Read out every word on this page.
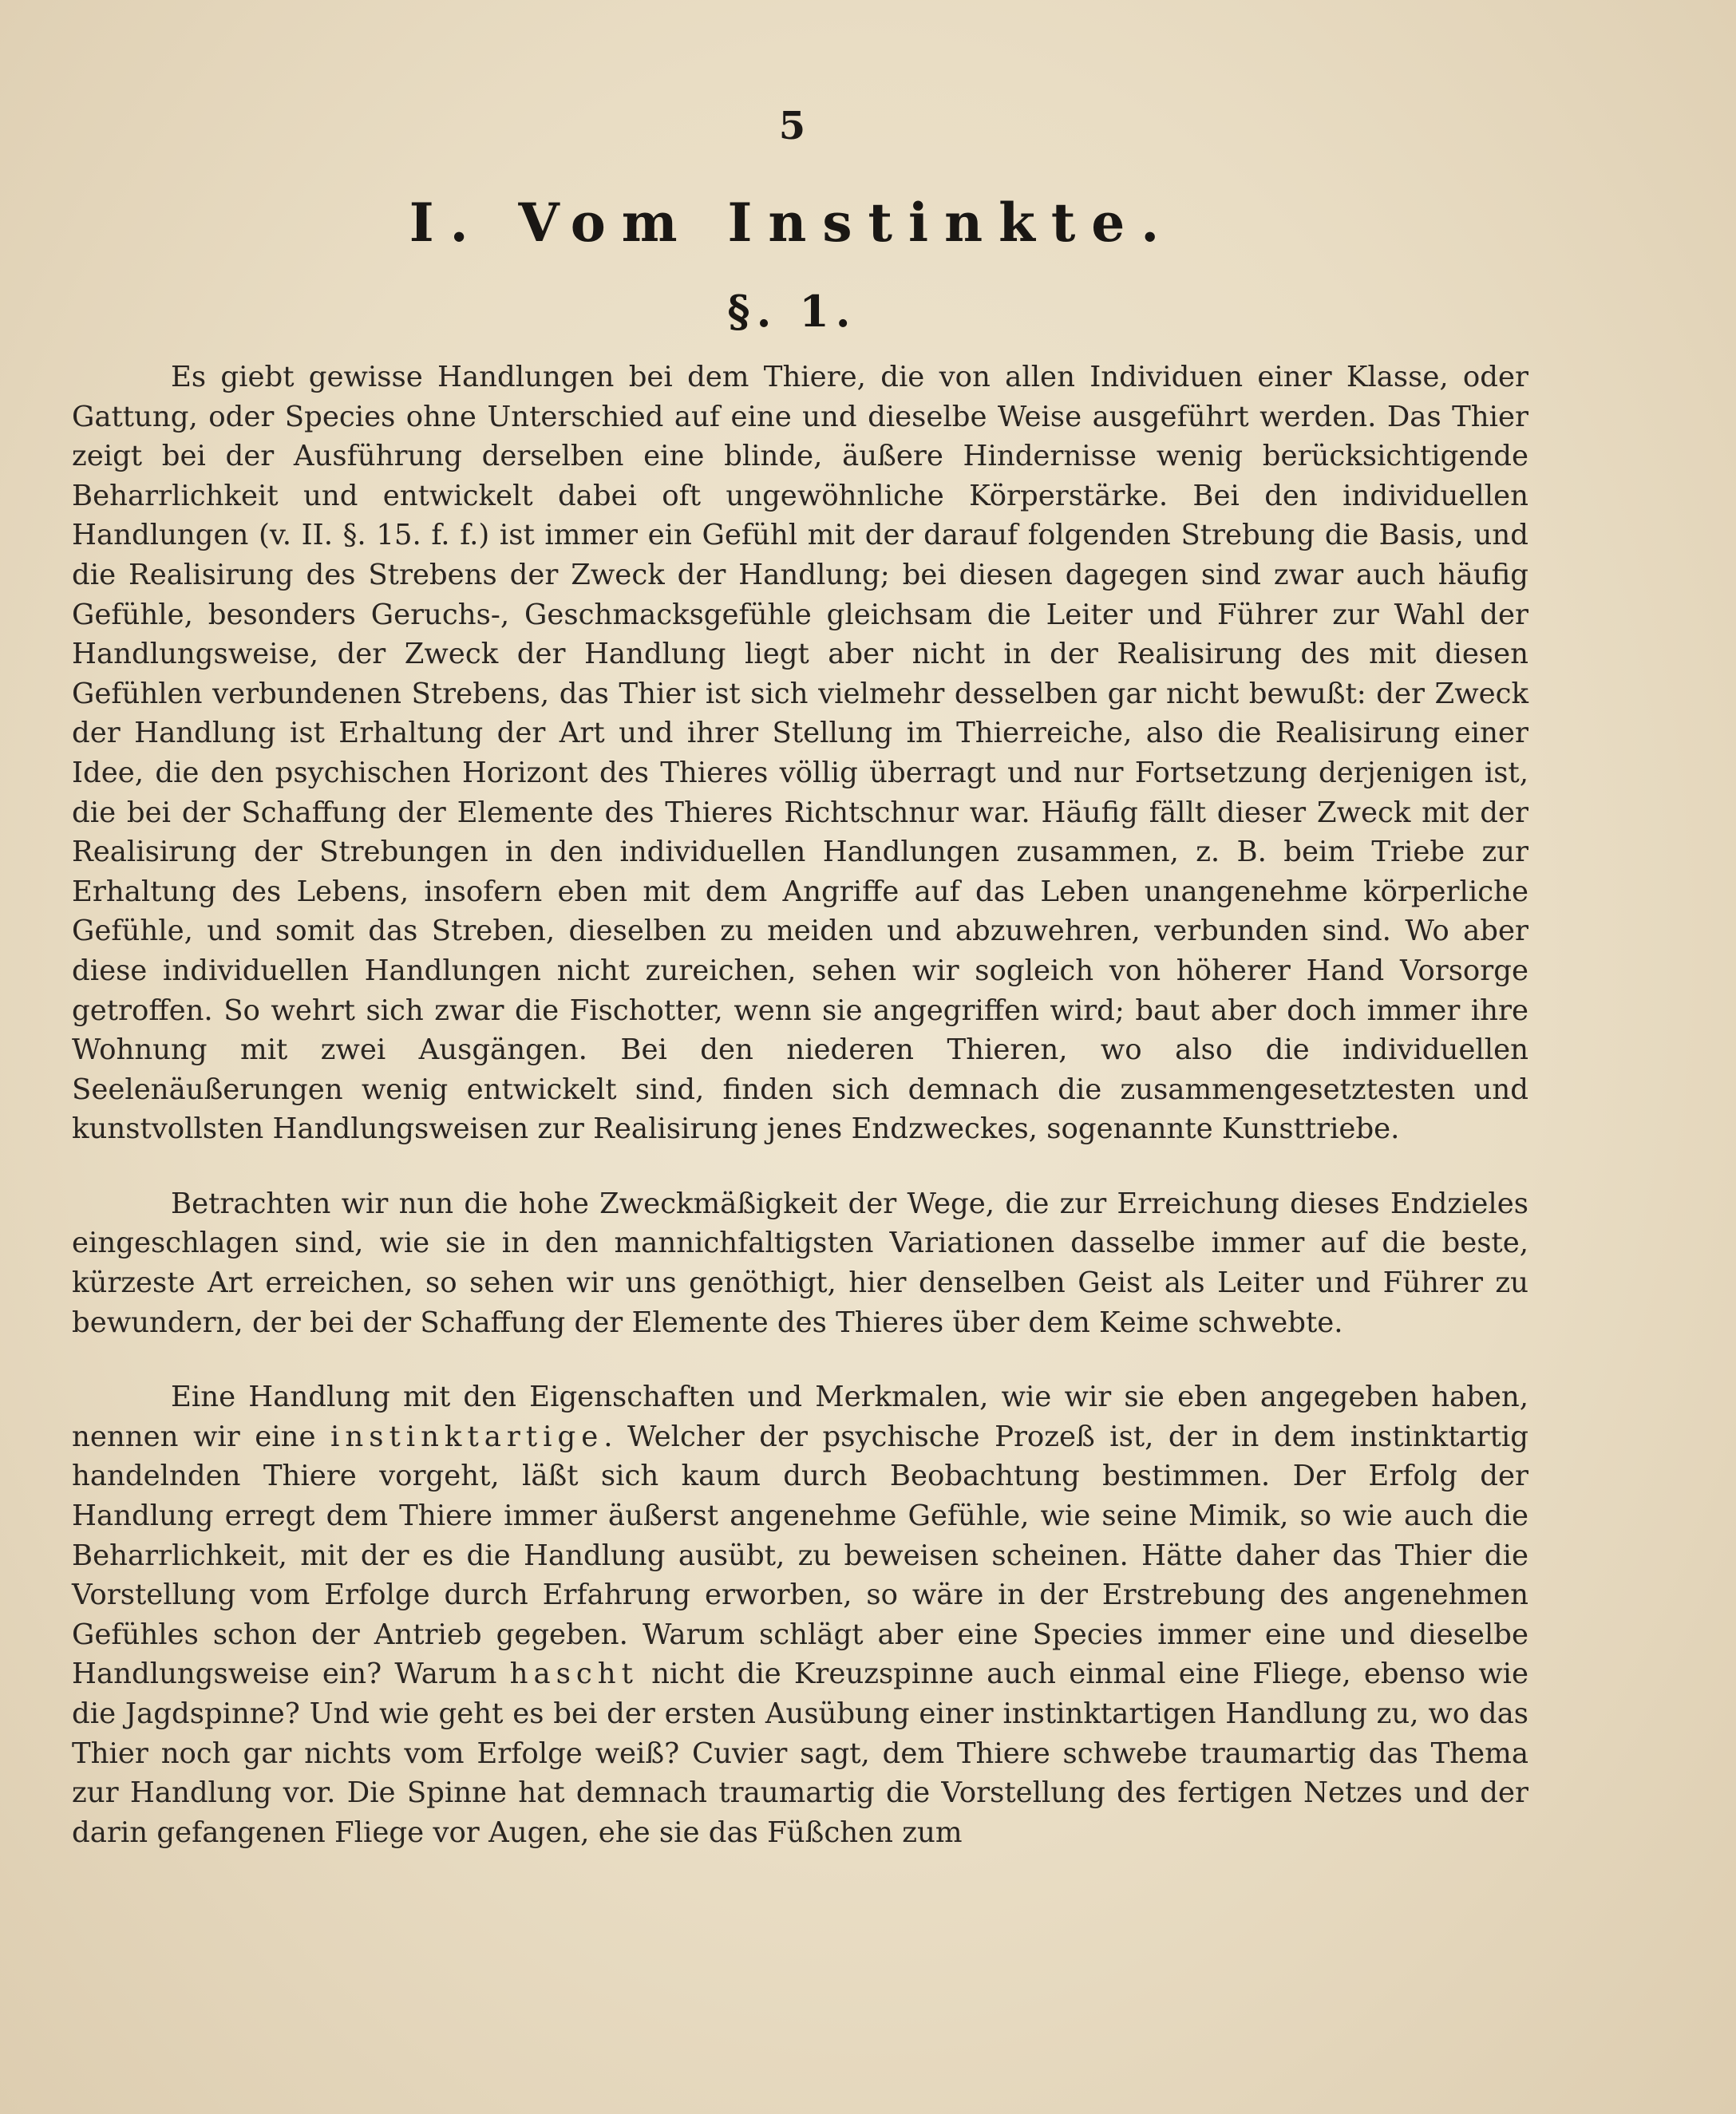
5
I. Vom Instinkte.
§. 1.

Es giebt gewisse Handlungen bei dem Thiere, die von allen Individuen einer Klasse, oder Gattung, oder Species ohne Unterschied auf eine und dieselbe Weise ausgeführt werden. Das Thier zeigt bei der Ausführung derselben eine blinde, äußere Hindernisse wenig berücksichtigende Beharrlichkeit und entwickelt dabei oft ungewöhnliche Körperstärke. Bei den individuellen Handlungen (v. II. §. 15. f. f.) ist immer ein Gefühl mit der darauf folgenden Strebung die Basis, und die Realisirung des Strebens der Zweck der Handlung; bei diesen dagegen sind zwar auch häufig Gefühle, besonders Geruchs-, Geschmacksgefühle gleichsam die Leiter und Führer zur Wahl der Handlungsweise, der Zweck der Handlung liegt aber nicht in der Realisirung des mit diesen Gefühlen verbundenen Strebens, das Thier ist sich vielmehr desselben gar nicht bewußt: der Zweck der Handlung ist Erhaltung der Art und ihrer Stellung im Thierreiche, also die Realisirung einer Idee, die den psychischen Horizont des Thieres völlig überragt und nur Fortsetzung derjenigen ist, die bei der Schaffung der Elemente des Thieres Richtschnur war. Häufig fällt dieser Zweck mit der Realisirung der Strebungen in den individuellen Handlungen zusammen, z. B. beim Triebe zur Erhaltung des Lebens, insofern eben mit dem Angriffe auf das Leben unangenehme körperliche Gefühle, und somit das Streben, dieselben zu meiden und abzuwehren, verbunden sind. Wo aber diese individuellen Handlungen nicht zureichen, sehen wir sogleich von höherer Hand Vorsorge getroffen. So wehrt sich zwar die Fischotter, wenn sie angegriffen wird; baut aber doch immer ihre Wohnung mit zwei Ausgängen. Bei den niederen Thieren, wo also die individuellen Seelenäußerungen wenig entwickelt sind, finden sich demnach die zusammengesetztesten und kunstvollsten Handlungsweisen zur Realisirung jenes Endzweckes, sogenannte Kunsttriebe.

Betrachten wir nun die hohe Zweckmäßigkeit der Wege, die zur Erreichung dieses Endzieles eingeschlagen sind, wie sie in den mannichfaltigsten Variationen dasselbe immer auf die beste, kürzeste Art erreichen, so sehen wir uns genöthigt, hier denselben Geist als Leiter und Führer zu bewundern, der bei der Schaffung der Elemente des Thieres über dem Keime schwebte.

Eine Handlung mit den Eigenschaften und Merkmalen, wie wir sie eben angegeben haben, nennen wir eine instinktartige. Welcher der psychische Prozeß ist, der in dem instinktartig handelnden Thiere vorgeht, läßt sich kaum durch Beobachtung bestimmen. Der Erfolg der Handlung erregt dem Thiere immer äußerst angenehme Gefühle, wie seine Mimik, so wie auch die Beharrlichkeit, mit der es die Handlung ausübt, zu beweisen scheinen. Hätte daher das Thier die Vorstellung vom Erfolge durch Erfahrung erworben, so wäre in der Erstrebung des angenehmen Gefühles schon der Antrieb gegeben. Warum schlägt aber eine Species immer eine und dieselbe Handlungsweise ein? Warum hascht nicht die Kreuzspinne auch einmal eine Fliege, ebenso wie die Jagdspinne? Und wie geht es bei der ersten Ausübung einer instinktartigen Handlung zu, wo das Thier noch gar nichts vom Erfolge weiß? Cuvier sagt, dem Thiere schwebe traumartig das Thema zur Handlung vor. Die Spinne hat demnach traumartig die Vorstellung des fertigen Netzes und der darin gefangenen Fliege vor Augen, ehe sie das Füßchen zum
